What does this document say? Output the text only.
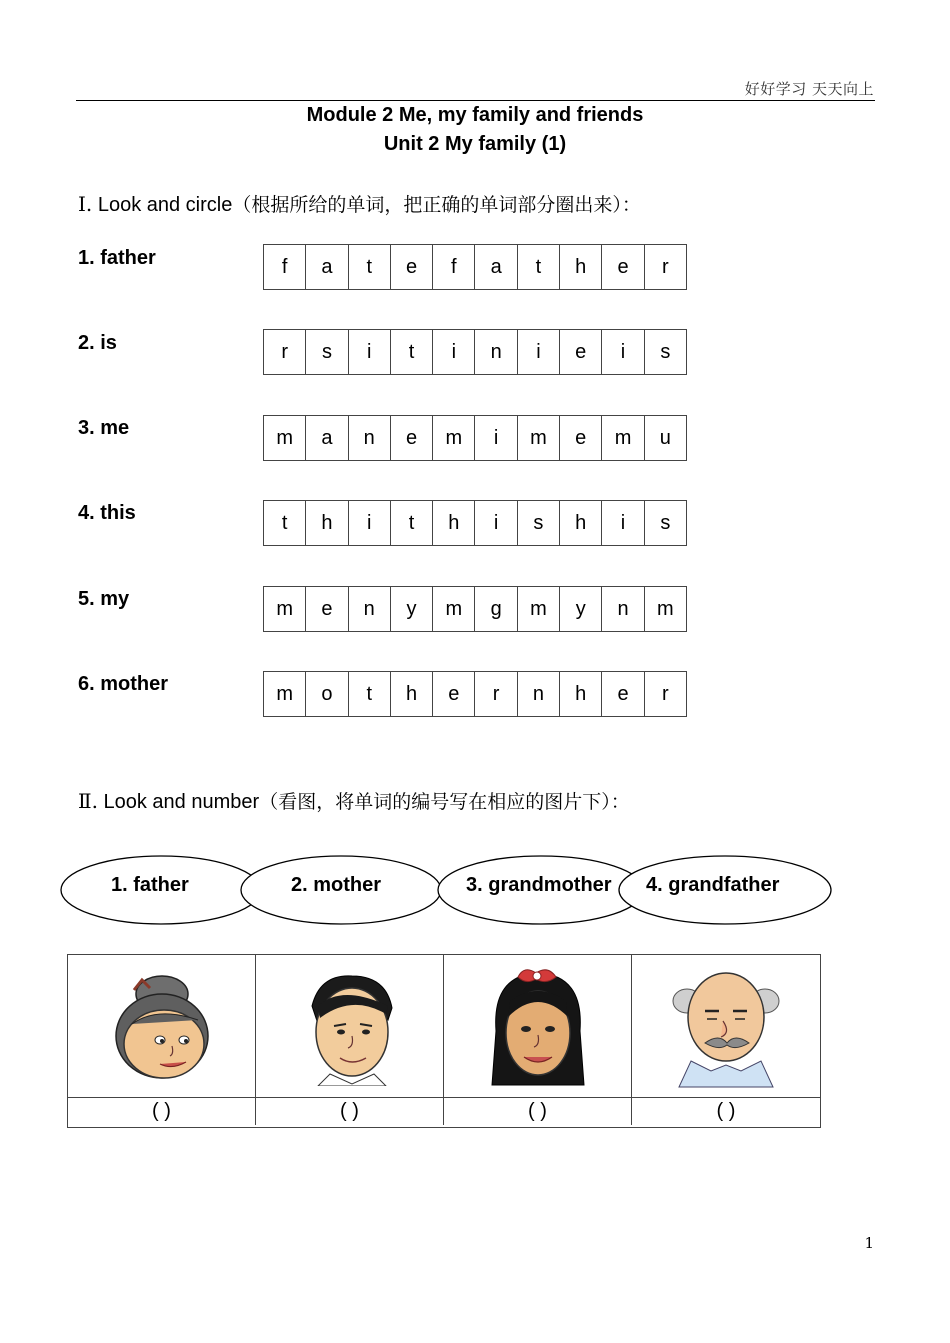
好好学习 天天向上
Module 2 Me, my family and friends
Unit 2 My family (1)
Ⅰ. Look and circle（根据所给的单词，把正确的单词部分圈出来）：
1. father	f	a	t	e	f	a	t	h	e	r
2. is	r	s	i	t	i	n	i	e	i	s
3. me	m	a	n	e	m	i	m	e	m	u
4. this	t	h	i	t	h	i	s	h	i	s
5. my	m	e	n	y	m	g	m	y	n	m
6. mother	m	o	t	h	e	r	n	h	e	r
Ⅱ. Look and number（看图，将单词的编号写在相应的图片下）：
1. father	2. mother	3. grandmother 4. grandfather
( )	( )	( )	( )
1
